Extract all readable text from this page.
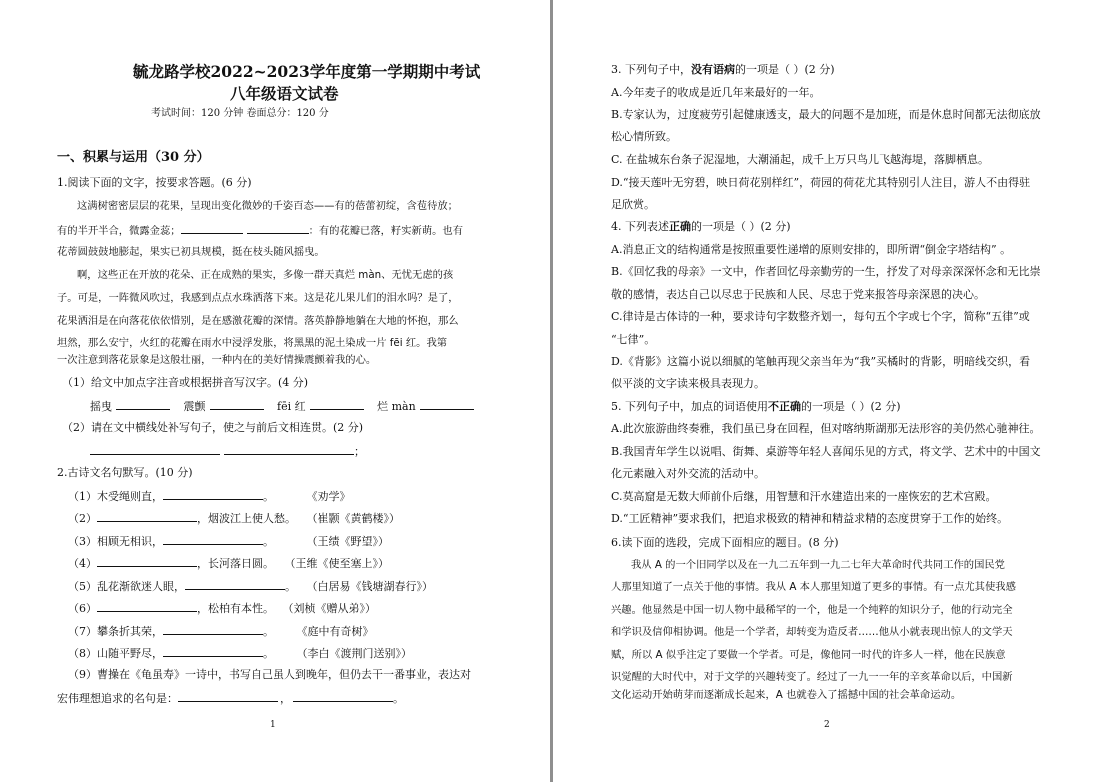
毓龙路学校2022~2023学年度第一学期期中考试
八年级语文试卷
考试时间：120 分钟 卷面总分：120 分
一、积累与运用（30 分）
1.阅读下面的文字，按要求答题。(6 分)
这满树密密层层的花果，呈现出变化微妙的千姿百态——有的蓓蕾初绽，含苞待放；
有的半开半合，微露金蕊；	：有的花瓣已落，籽实新萌。也有
花蒂圆鼓鼓地膨起，果实已初具规模，挺在枝头随风摇曳。
啊，这些正在开放的花朵、正在成熟的果实，多像一群天真烂 màn、无忧无虑的孩
子。可是，一阵微风吹过，我感到点点水珠洒落下来。这是花儿果儿们的泪水吗？是了，
花果洒泪是在向落花依依惜别，是在感激花瓣的深情。落英静静地躺在大地的怀抱，那么
坦然，那么安宁，火红的花瓣在雨水中浸浮发胀，将黑黑的泥土染成一片 fēi 红。我第
一次注意到落花景象是这般壮丽，一种内在的美好情操震颤着我的心。
（1）给文中加点字注音或根据拼音写汉字。(4 分)
摇曳	震颤	fēi 红	烂 màn
（2）请在文中横线处补写句子，使之与前后文相连贯。(2 分)
；
2.古诗文名句默写。(10 分)
（1）木受绳则直，	。	《劝学》
（2）	，烟波江上使人愁。 （崔颢《黄鹤楼》）
（3）相顾无相识，	。	（王绩《野望》）
（4）	，长河落日圆。 （王维《使至塞上》）
（5）乱花渐欲迷人眼，	。 （白居易《钱塘湖春行》）
（6）	，松柏有本性。 （刘桢《赠从弟》）
（7）攀条折其荣，	。	《庭中有奇树》
（8）山随平野尽，	。	（李白《渡荆门送别》）
（9）曹操在《龟虽寿》一诗中，书写自己虽人到晚年，但仍去干一番事业，表达对
宏伟理想追求的名句是：	，	。
1
3. 下列句子中，没有语病的一项是（ ）(2 分)
A.今年麦子的收成是近几年来最好的一年。
B.专家认为，过度疲劳引起健康透支，最大的问题不是加班，而是休息时间都无法彻底放
松心情所致。
C. 在盐城东台条子泥湿地，大潮涌起，成千上万只鸟儿飞越海堤，落脚栖息。
D.“接天莲叶无穷碧，映日荷花别样红”，荷园的荷花尤其特别引人注目，游人不由得驻
足欣赏。
4. 下列表述正确的一项是（ ）(2 分)
A.消息正文的结构通常是按照重要性递增的原则安排的，即所谓“倒金字塔结构” 。
B.《回忆我的母亲》一文中，作者回忆母亲勤劳的一生，抒发了对母亲深深怀念和无比崇
敬的感情，表达自己以尽忠于民族和人民、尽忠于党来报答母亲深恩的决心。
C.律诗是古体诗的一种，要求诗句字数整齐划一，每句五个字或七个字，简称“五律”或
“七律”。
D.《背影》这篇小说以细腻的笔触再现父亲当年为“我”买橘时的背影，明暗线交织，看
似平淡的文字读来极具表现力。
5. 下列句子中，加点的词语使用不正确的一项是（ ）(2 分)
A.此次旅游曲终奏雅，我们虽已身在回程，但对喀纳斯湖那无法形容的美仍然心驰神往。
B.我国青年学生以说唱、街舞、桌游等年轻人喜闻乐见的方式，将文学、艺术中的中国文
化元素融入对外交流的活动中。
C.莫高窟是无数大师前仆后继，用智慧和汗水建造出来的一座恢宏的艺术宫殿。
D.“工匠精神”要求我们，把追求极致的精神和精益求精的态度贯穿于工作的始终。
6.读下面的选段，完成下面相应的题目。(8 分)
我从 A 的一个旧同学以及在一九二五年到一九二七年大革命时代共同工作的国民党
人那里知道了一点关于他的事情。我从 A 本人那里知道了更多的事情。有一点尤其使我感
兴趣。他显然是中国一切人物中最稀罕的一个，他是一个纯粹的知识分子，他的行动完全
和学识及信仰相协调。他是一个学者，却转变为造反者……他从小就表现出惊人的文学天
赋，所以 A 似乎注定了要做一个学者。可是，像他同一时代的许多人一样，他在民族意
识觉醒的大时代中，对于文学的兴趣转变了。经过了一九一一年的辛亥革命以后，中国新
文化运动开始萌芽而逐渐成长起来，A 也就卷入了摇撼中国的社会革命运动。
2
